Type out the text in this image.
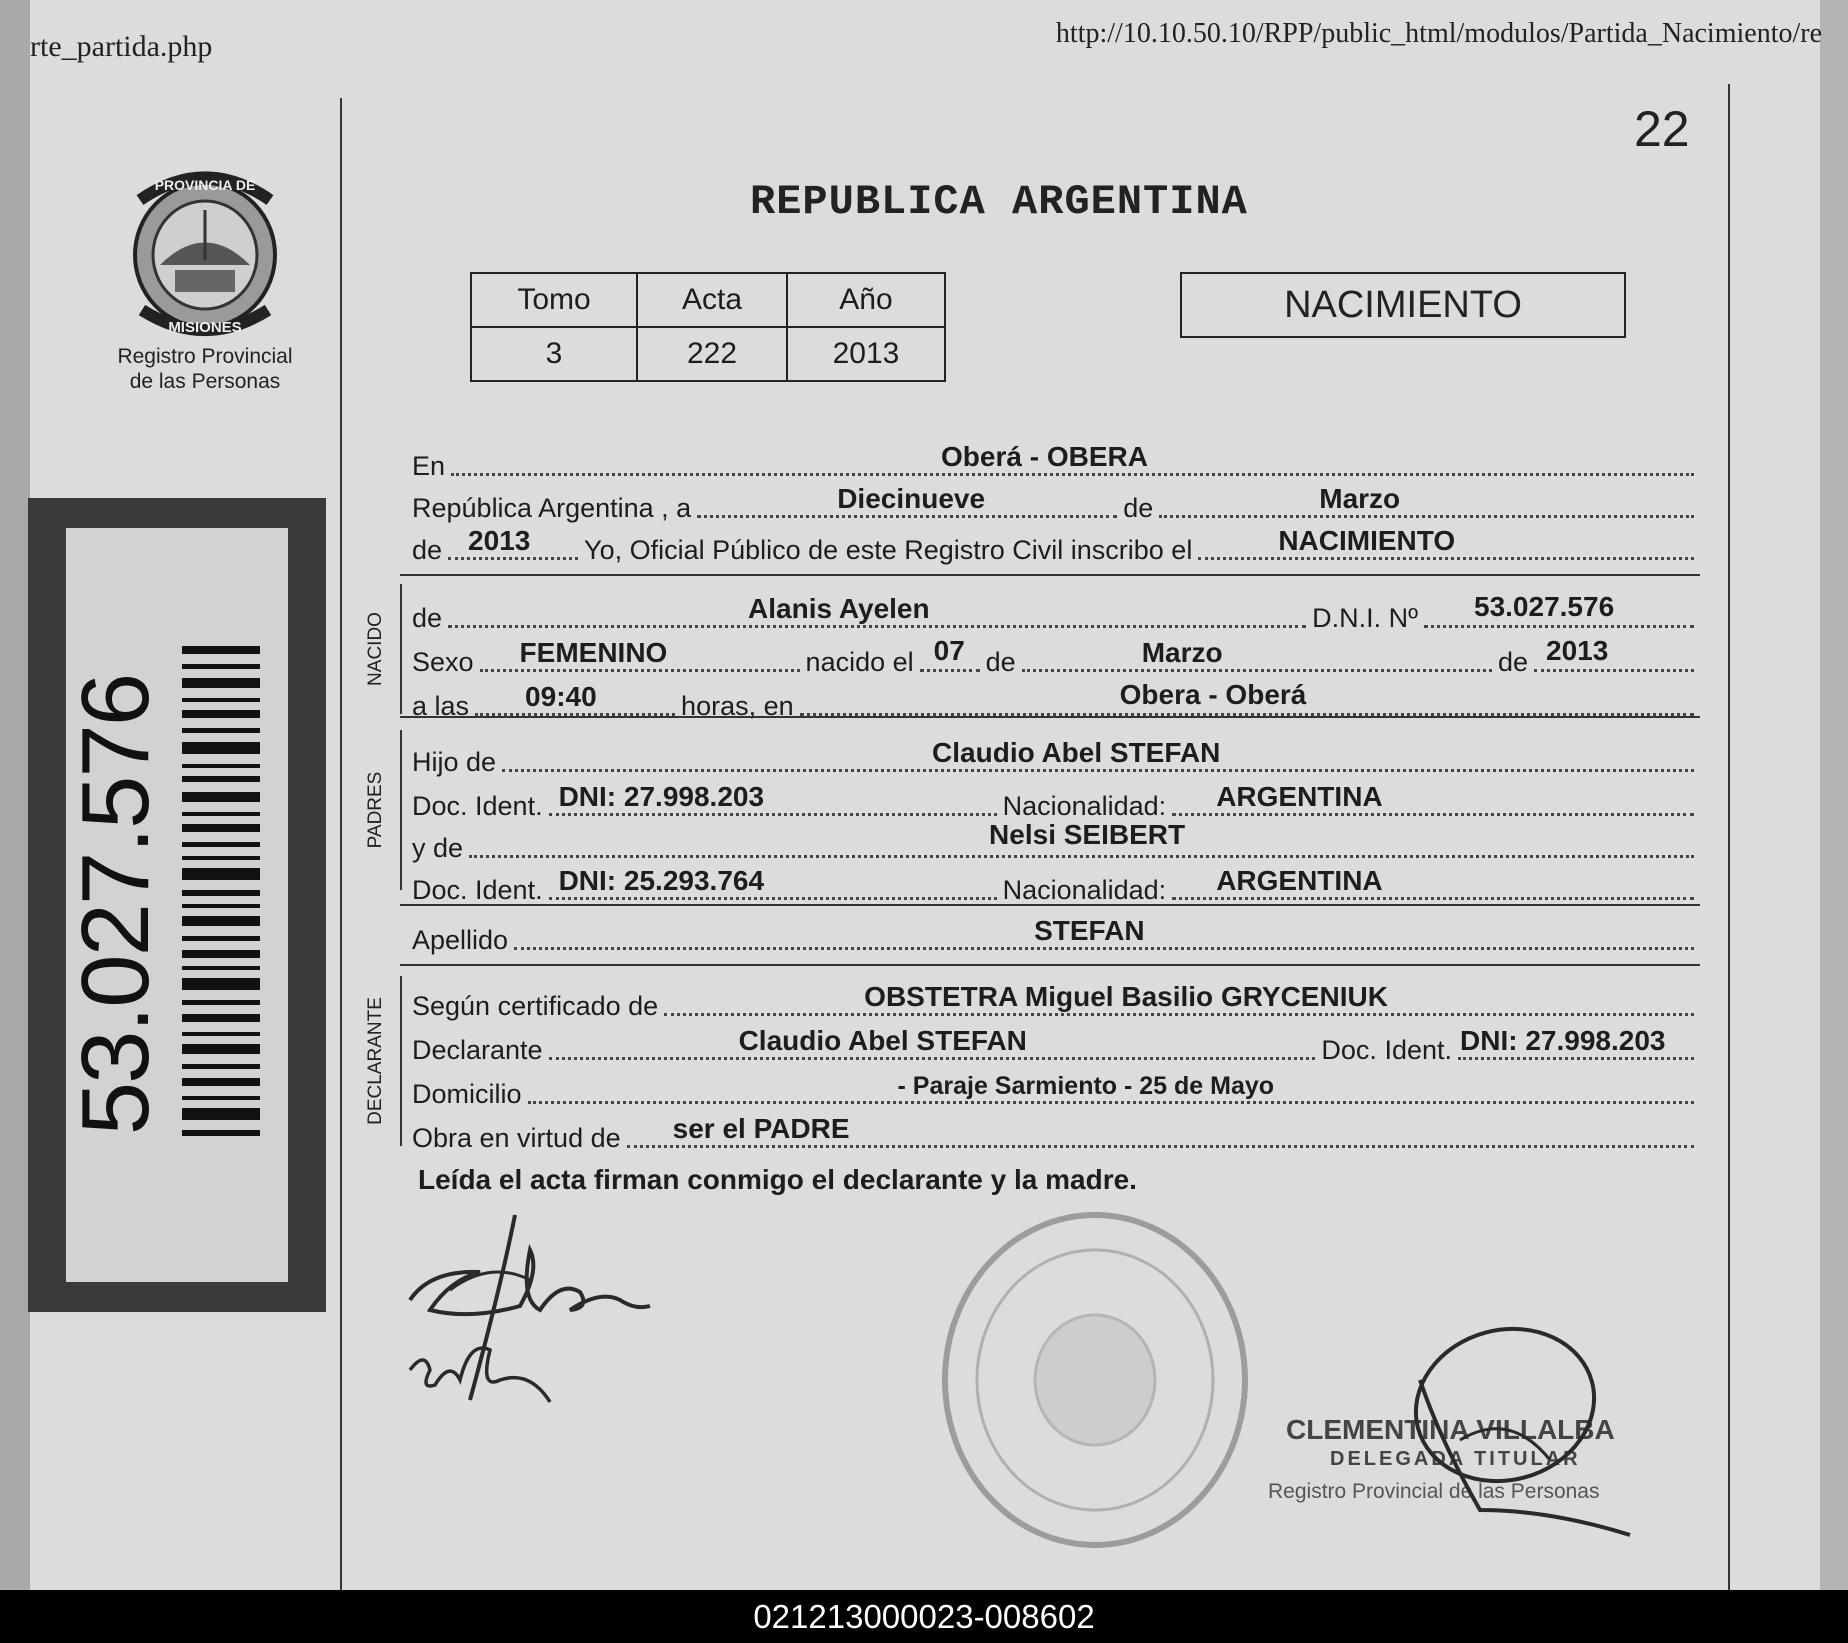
rte_partida.php	http://10.10.50.10/RPP/public_html/modulos/Partida_Nacimiento/re
22
PROVINCIA DE
MISIONES
Registro Provincial
de las Personas
53.027.576
REPUBLICA ARGENTINA
Tomo	Acta	Año
3	222	2013
NACIMIENTO
En	Oberá - OBERA
República Argentina , a	Diecinueve	de	Marzo
de 2013 Yo, Oficial Público de este Registro Civil inscribo el	NACIMIENTO
NACIDO de	Alanis Ayelen	D.N.I. Nº 53.027.576
Sexo FEMENINO	nacido el 07 de	Marzo	de 2013
a las 09:40	horas, en	Obera - Oberá
PADRES
Hijo de	Claudio Abel STEFAN
Doc. Ident. DNI: 27.998.203	Nacionalidad: ARGENTINA
y de	Nelsi SEIBERT
Doc. Ident. DNI: 25.293.764	Nacionalidad: ARGENTINA
Apellido	STEFAN
DECLARANTE Según certificado de	OBSTETRA Miguel Basilio GRYCENIUK
Declarante	Claudio Abel STEFAN	Doc. Ident. DNI: 27.998.203
Domicilio	- Paraje Sarmiento - 25 de Mayo
Obra en virtud de ser el PADRE
Leída el acta firman conmigo el declarante y la madre.
CLEMENTINA VILLALBA
DELEGADA TITULAR
Registro Provincial de las Personas
021213000023-008602
